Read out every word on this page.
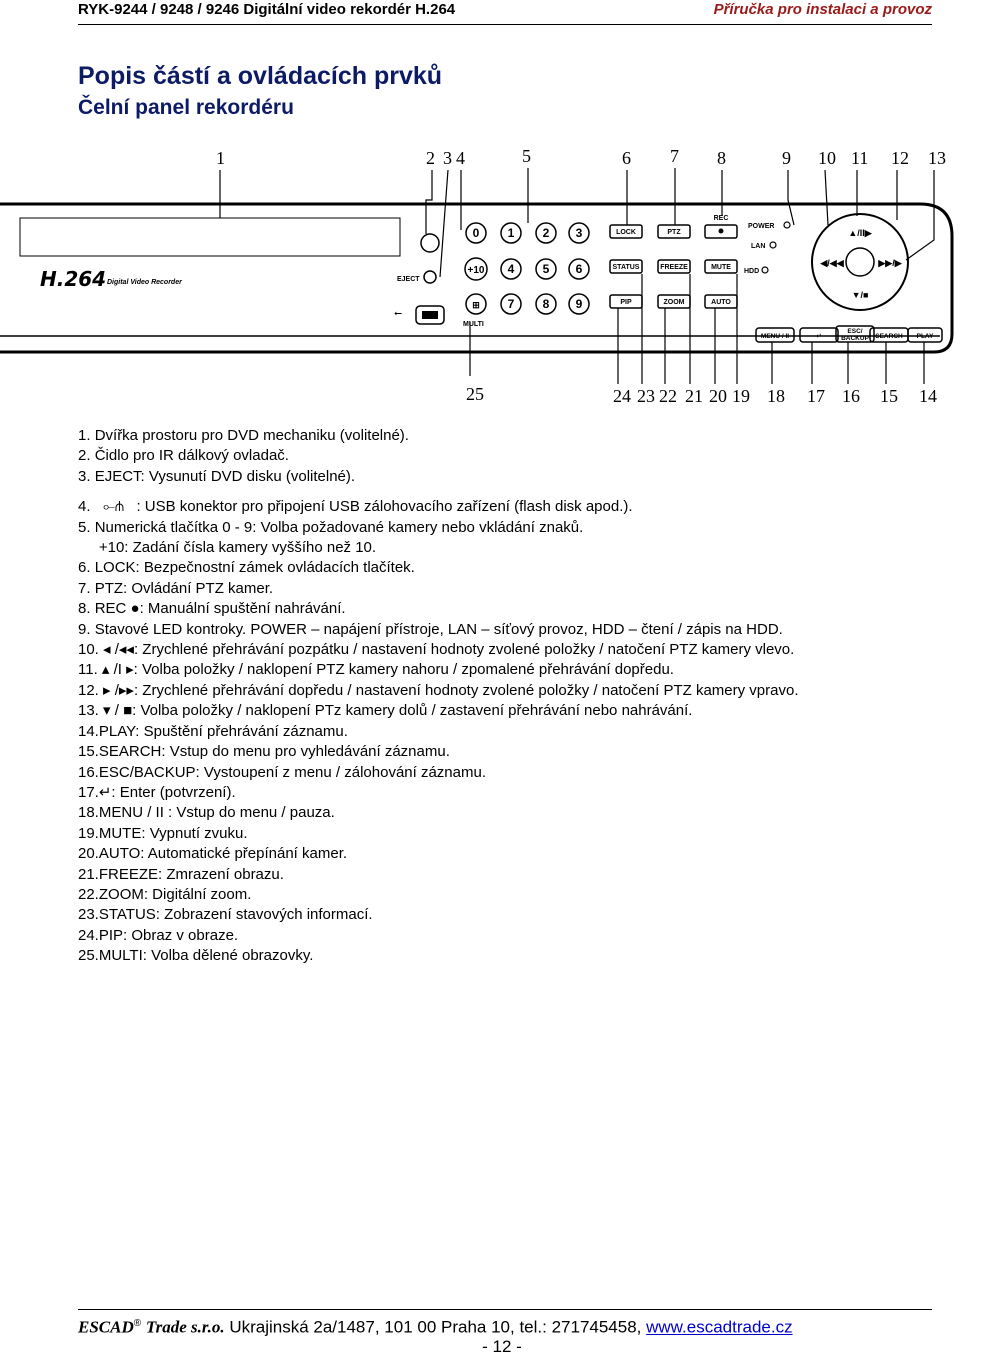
RYK-9244 / 9248 / 9246 Digitální video rekordér H.264	Příručka pro instalaci a provoz
Popis částí a ovládacích prvků
Čelní panel rekordéru
1	2 3 4	5	6 7 8	9 10 11 12 13
25	24 23 22 21 20 19 18 17 16 15 14
H.264 Digital Video Recorder	EJECT
⭠
0 1 2 3
+10 4 5 6
⊞ 7 8 9
MULTI
LOCK	PTZ
REC
STATUS	FREEZE	MUTE
PIP	ZOOM	AUTO
POWER
LAN
HDD
▲/II▶
▼/■
◀/◀◀	▶▶/▶
MENU / II	↵
ESC/
BACKUP SEARCH PLAY
1. Dvířka prostoru pro DVD mechaniku (volitelné).
2. Čidlo pro IR dálkový ovladač.
3. EJECT: Vysunutí DVD disku (volitelné).
4.   ⟜⋔   : USB konektor pro připojení USB zálohovacího zařízení (flash disk apod.).
5. Numerická tlačítka 0 - 9: Volba požadované kamery nebo vkládání znaků.
+10: Zadání čísla kamery vyššího než 10.
6. LOCK: Bezpečnostní zámek ovládacích tlačítek.
7. PTZ: Ovládání PTZ kamer.
8. REC ●: Manuální spuštění nahrávání.
9. Stavové LED kontroky. POWER – napájení přístroje, LAN – síťový provoz, HDD – čtení / zápis na HDD.
10. ◂ /◂◂: Zrychlené přehrávání pozpátku / nastavení hodnoty zvolené položky / natočení PTZ kamery vlevo.
11. ▴ /I ▸: Volba položky / naklopení PTZ kamery nahoru / zpomalené přehrávání dopředu.
12. ▸ /▸▸: Zrychlené přehrávání dopředu / nastavení hodnoty zvolené položky / natočení PTZ kamery vpravo.
13. ▾ / ■: Volba položky / naklopení PTz kamery dolů / zastavení přehrávání nebo nahrávání.
14.PLAY: Spuštění přehrávání záznamu.
15.SEARCH: Vstup do menu pro vyhledávání záznamu.
16.ESC/BACKUP: Vystoupení z menu / zálohování záznamu.
17.↵: Enter (potvrzení).
18.MENU / II : Vstup do menu / pauza.
19.MUTE: Vypnutí zvuku.
20.AUTO: Automatické přepínání kamer.
21.FREEZE: Zmrazení obrazu.
22.ZOOM: Digitální zoom.
23.STATUS: Zobrazení stavových informací.
24.PIP: Obraz v obraze.
25.MULTI: Volba dělené obrazovky.
ESCAD® Trade s.r.o. Ukrajinská 2a/1487, 101 00 Praha 10, tel.: 271745458, www.escadtrade.cz
- 12 -
